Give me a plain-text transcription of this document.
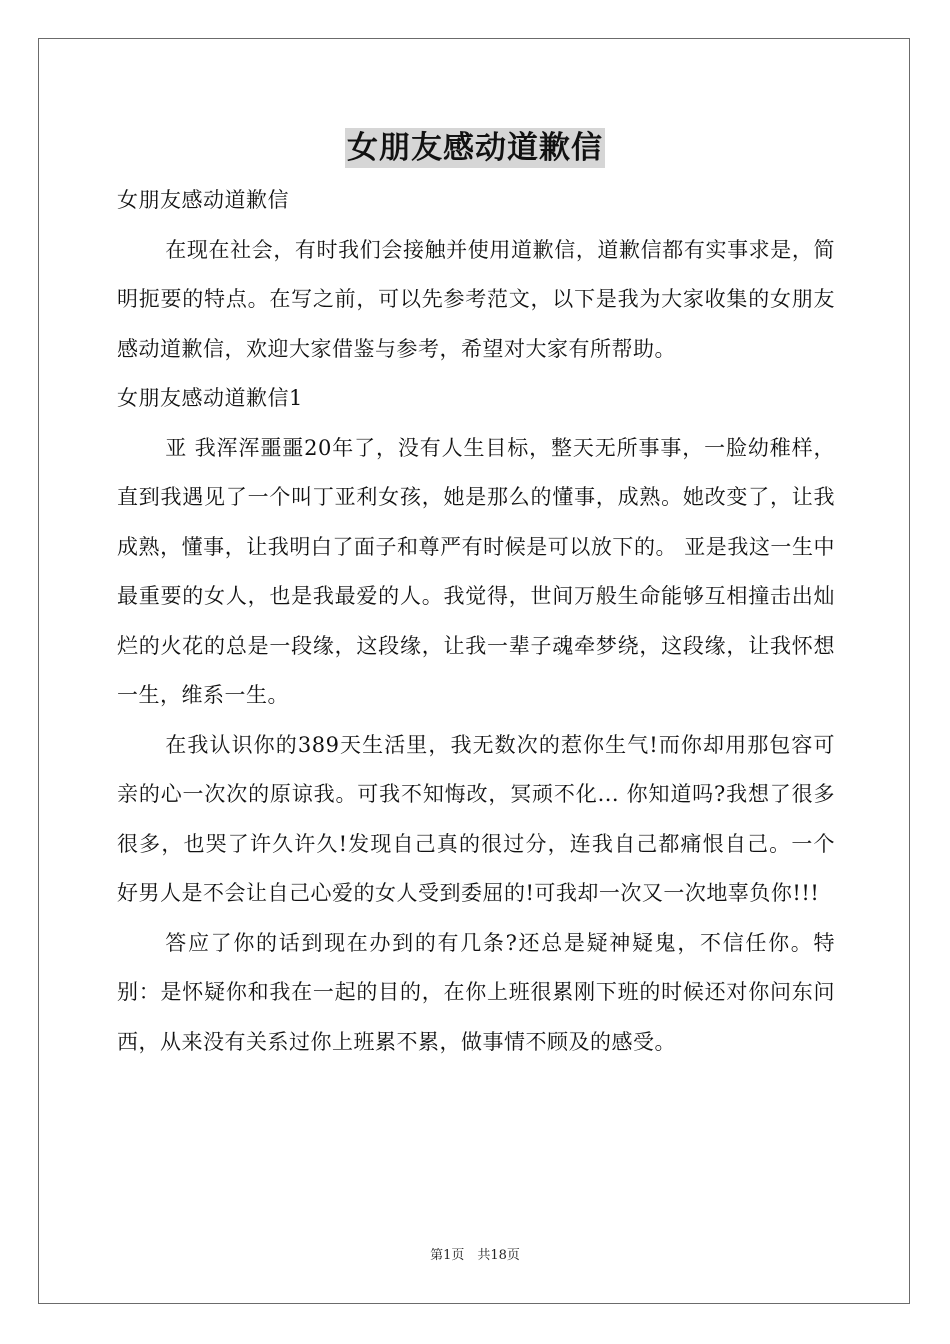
女朋友感动道歉信

女朋友感动道歉信

在现在社会，有时我们会接触并使用道歉信，道歉信都有实事求是，简明扼要的特点。在写之前，可以先参考范文，以下是我为大家收集的女朋友感动道歉信，欢迎大家借鉴与参考，希望对大家有所帮助。

女朋友感动道歉信1

亚 我浑浑噩噩20年了，没有人生目标，整天无所事事，一脸幼稚样，直到我遇见了一个叫丁亚利女孩，她是那么的懂事，成熟。她改变了，让我成熟，懂事，让我明白了面子和尊严有时候是可以放下的。 亚是我这一生中最重要的女人，也是我最爱的人。我觉得，世间万般生命能够互相撞击出灿烂的火花的总是一段缘，这段缘，让我一辈子魂牵梦绕，这段缘，让我怀想一生，维系一生。

在我认识你的389天生活里，我无数次的惹你生气!而你却用那包容可亲的心一次次的原谅我。可我不知悔改，冥顽不化... 你知道吗?我想了很多很多，也哭了许久许久!发现自己真的很过分，连我自己都痛恨自己。一个好男人是不会让自己心爱的女人受到委屈的!可我却一次又一次地辜负你!!!

答应了你的话到现在办到的有几条?还总是疑神疑鬼，不信任你。特别：是怀疑你和我在一起的目的，在你上班很累刚下班的时候还对你问东问西，从来没有关系过你上班累不累，做事情不顾及的感受。

第1页　共18页
